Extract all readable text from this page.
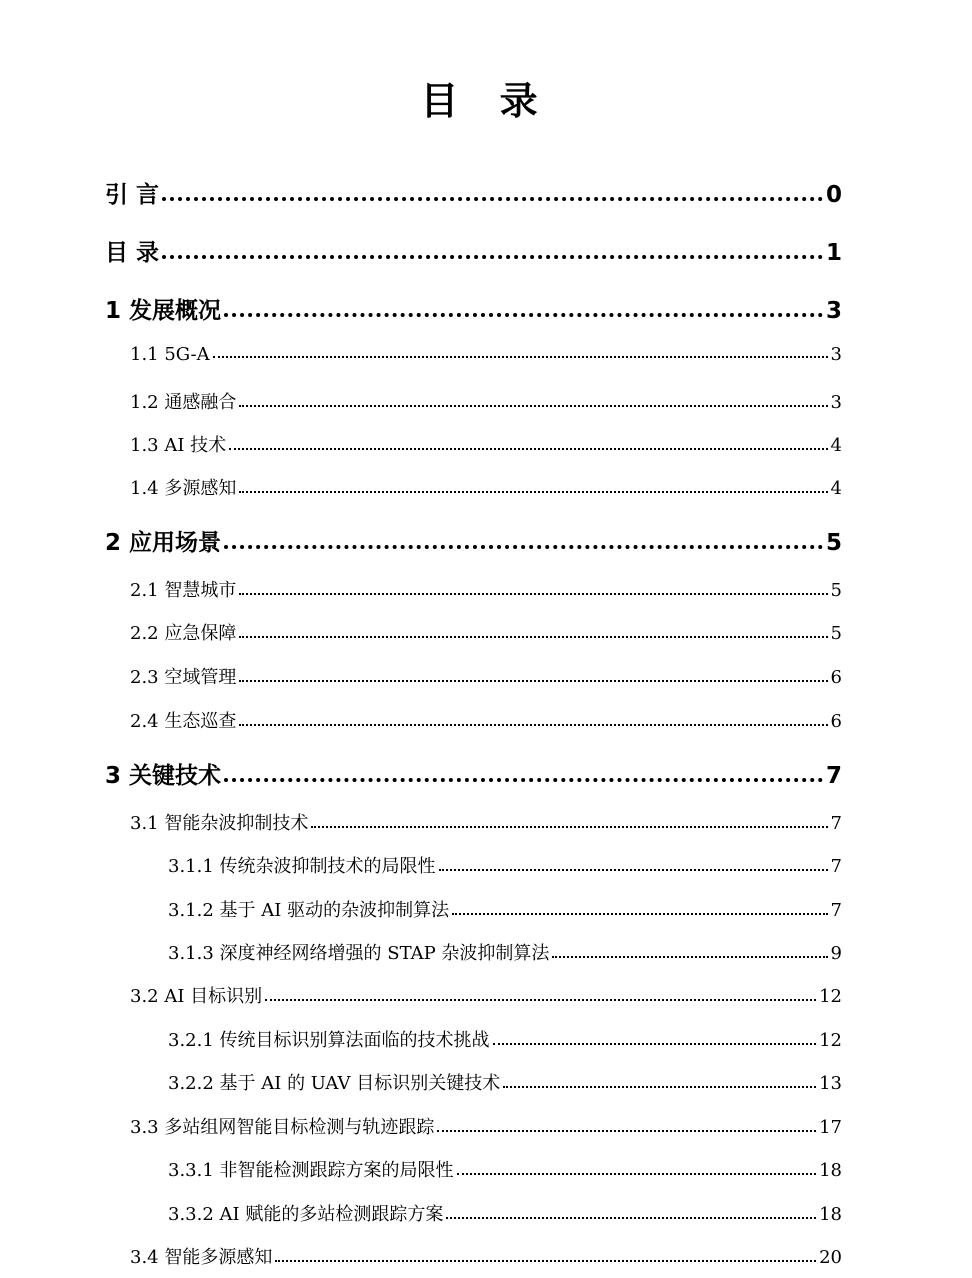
目 录
引 言	0
目 录	1
1 发展概况	3
1.1 5G-A	3
1.2 通感融合	3
1.3 AI 技术	4
1.4 多源感知	4
2 应用场景	5
2.1 智慧城市	5
2.2 应急保障	5
2.3 空域管理	6
2.4 生态巡查	6
3 关键技术	7
3.1 智能杂波抑制技术	7
3.1.1 传统杂波抑制技术的局限性	7
3.1.2 基于 AI 驱动的杂波抑制算法	7
3.1.3 深度神经网络增强的 STAP 杂波抑制算法	9
3.2 AI 目标识别	12
3.2.1 传统目标识别算法面临的技术挑战	12
3.2.2 基于 AI 的 UAV 目标识别关键技术	13
3.3 多站组网智能目标检测与轨迹跟踪	17
3.3.1 非智能检测跟踪方案的局限性	18
3.3.2 AI 赋能的多站检测跟踪方案	18
3.4 智能多源感知	20
